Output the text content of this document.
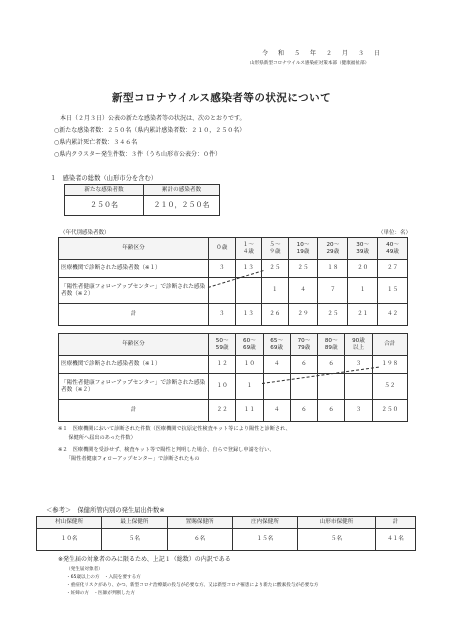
令　和　５　年　２　月　３　日
山形県新型コロナウイルス感染症対策本部（健康福祉部）
新型コロナウイルス感染者等の状況について
本日（２月３日）公表の新たな感染者等の状況は、次のとおりです。
○新たな感染者数：２５０名（県内累計感染者数：２１０，２５０名）
○県内累計死亡者数：３４６名
○県内クラスター発生件数：３件（うち山形市公表分：０件）
１　感染者の総数（山形市分を含む）
新たな感染者数	累計の感染者数
２５０名	２１０，２５０名
（年代別感染者数）	（単位：名）
年齢区分	０歳	１～
４歳	５～
９歳	10～
19歳	20～
29歳	30～
39歳	40～
49歳
医療機関で診断された感染者数（※１）	３	１３	２５	２５	１８	２０	２７
「陽性者健康フォローアップセンター」で診断された感染者数（※２）			１	４	７	１	１５
計	３	１３	２６	２９	２５	２１	４２
年齢区分	50～
59歳	60～
69歳	65～
69歳	70～
79歳	80～
89歳	90歳
以上	合計
医療機関で診断された感染者数（※１）	１２	１０	４	６	６	３	１９８
「陽性者健康フォローアップセンター」で診断された感染者数（※２）	１０	１					５２
計	２２	１１	４	６	６	３	２５０
※１　医療機関において診断された件数（医療機関で抗原定性検査キット等により陽性と診断され、
　　保健所へ届出のあった件数）
※２　医療機関を受診せず、検査キット等で陽性と判明した場合、自らで登録し申請を行い、
　　「陽性者健康フォローアップセンター」で診断されたもの
＜参考＞　保健所管内別の発生届出件数※
村山保健所	最上保健所	置賜保健所	庄内保健所	山形市保健所	計
１０名	５名	６名	１５名	５名	４１名
※発生届の対象者のみに限るため、上記１（総数）の内訳である
（発生届対象者）
・65歳以上の方　・入院を要する方
・重症化リスクがあり、かつ、新型コロナ治療薬の投与が必要な方、又は新型コロナ罹患により新たに酸素投与が必要な方
・妊婦の方　・医師が判断した方
